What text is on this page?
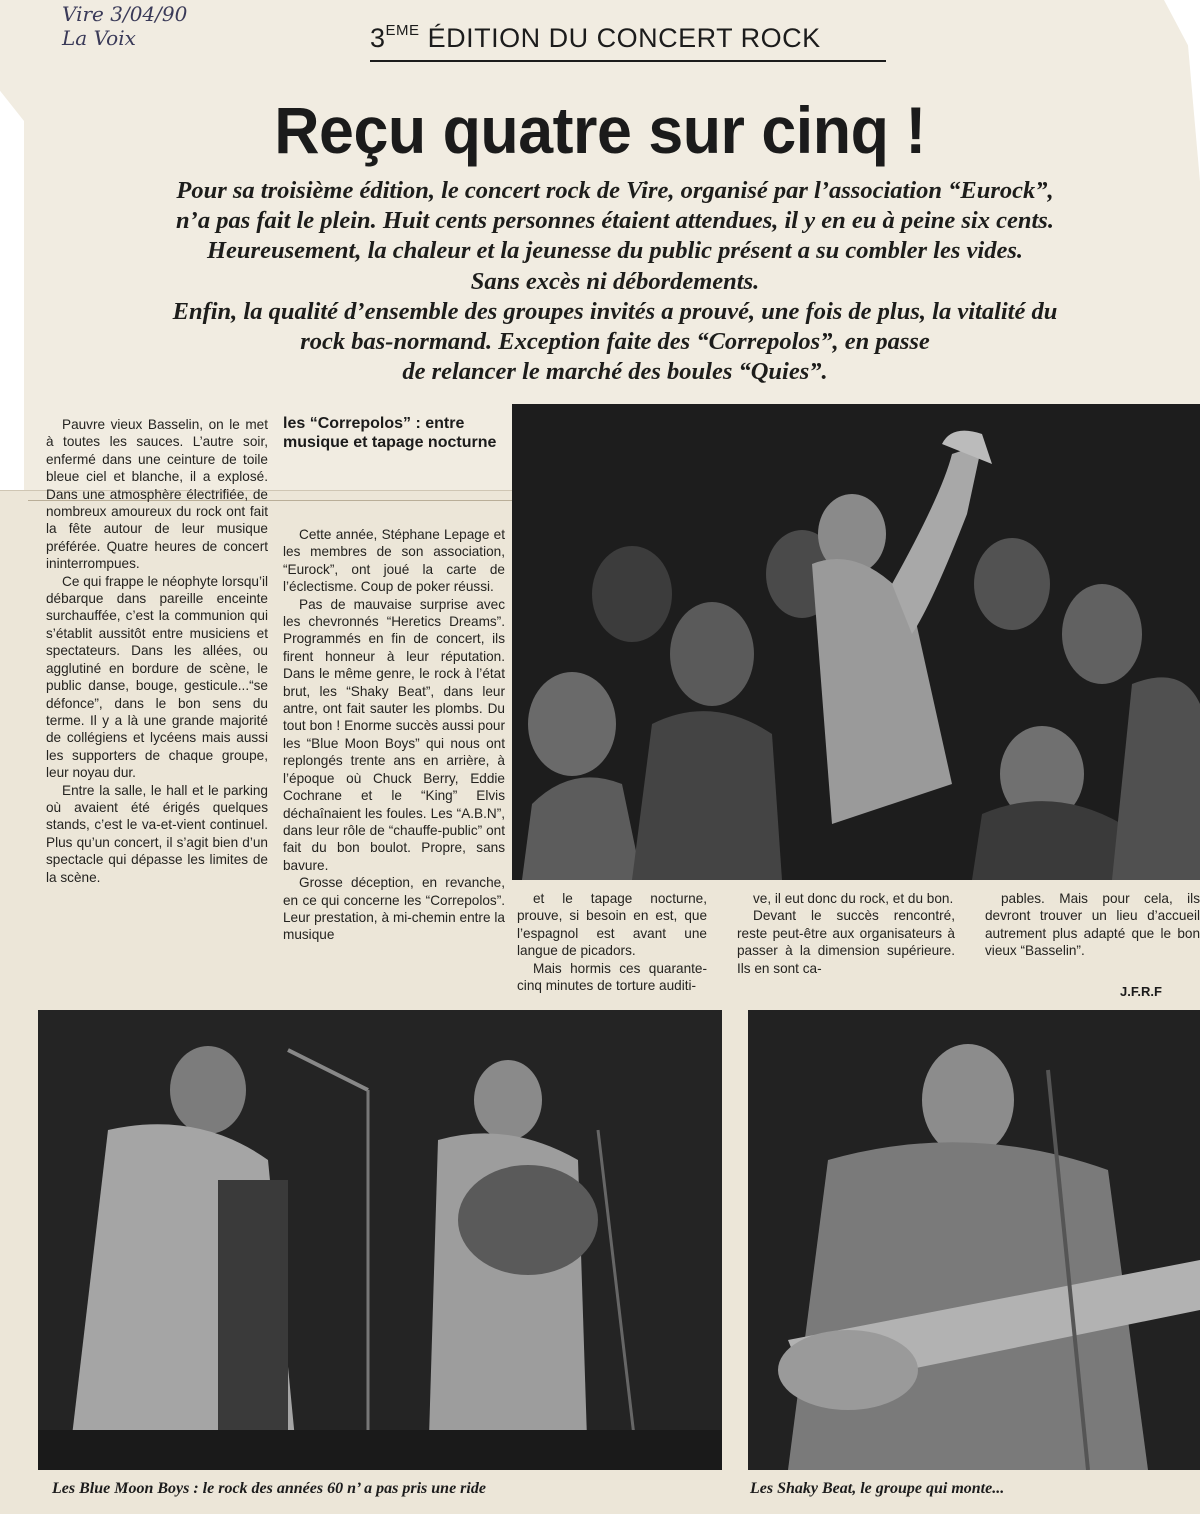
Vire 3/04/90
La Voix	3EME ÉDITION DU CONCERT ROCK
Reçu quatre sur cinq !

Pour sa troisième édition, le concert rock de Vire, organisé par l’association “Eurock”,

n’a pas fait le plein. Huit cents personnes étaient attendues, il y en eu à peine six cents.

Heureusement, la chaleur et la jeunesse du public présent a su combler les vides.

Sans excès ni débordements.

Enfin, la qualité d’ensemble des groupes invités a prouvé, une fois de plus, la vitalité du

rock bas-normand. Exception faite des “Correpolos”, en passe

de relancer le marché des boules “Quies”.

Pauvre vieux Basselin, on le met à toutes les sauces. L’autre soir, enfermé dans une ceinture de toile bleue ciel et blanche, il a explosé. Dans une atmosphère électrifiée, de nombreux amoureux du rock ont fait la fête autour de leur musique préférée. Quatre heures de concert ininterrompues.

Ce qui frappe le néophyte lorsqu’il débarque dans pareille enceinte surchauffée, c’est la communion qui s’établit aussitôt entre musiciens et spectateurs. Dans les allées, ou agglutiné en bordure de scène, le public danse, bouge, gesticule...“se défonce”, dans le bon sens du terme. Il y a là une grande majorité de collégiens et lycéens mais aussi les supporters de chaque groupe, leur noyau dur.

Entre la salle, le hall et le parking où avaient été érigés quelques stands, c’est le va-et-vient continuel. Plus qu’un concert, il s’agit bien d’un spectacle qui dépasse les limites de la scène.

les “Correpolos” : entre musique et tapage nocturne

Cette année, Stéphane Lepage et les membres de son association, “Eurock”, ont joué la carte de l’éclectisme. Coup de poker réussi.

Pas de mauvaise surprise avec les chevronnés “Heretics Dreams”. Programmés en fin de concert, ils firent honneur à leur réputation. Dans le même genre, le rock à l’état brut, les “Shaky Beat”, dans leur antre, ont fait sauter les plombs. Du tout bon ! Enorme succès aussi pour les “Blue Moon Boys” qui nous ont replongés trente ans en arrière, à l’époque où Chuck Berry, Eddie Cochrane et le “King” Elvis déchaînaient les foules. Les “A.B.N”, dans leur rôle de “chauffe-public” ont fait du bon boulot. Propre, sans bavure.

Grosse déception, en revanche, en ce qui concerne les “Correpolos”. Leur prestation, à mi-chemin entre la musique

et le tapage nocturne, prouve, si besoin en est, que l’espagnol est avant une langue de picadors.

Mais hormis ces quarante-cinq minutes de torture auditi-

ve, il eut donc du rock, et du bon.

Devant le succès rencontré, reste peut-être aux organisateurs à passer à la dimension supérieure. Ils en sont ca-

pables. Mais pour cela, ils devront trouver un lieu d’accueil autrement plus adapté que le bon vieux “Basselin”.

J.F.R.F
Les Blue Moon Boys : le rock des années 60 n’ a pas pris une ride	Les Shaky Beat, le groupe qui monte...
